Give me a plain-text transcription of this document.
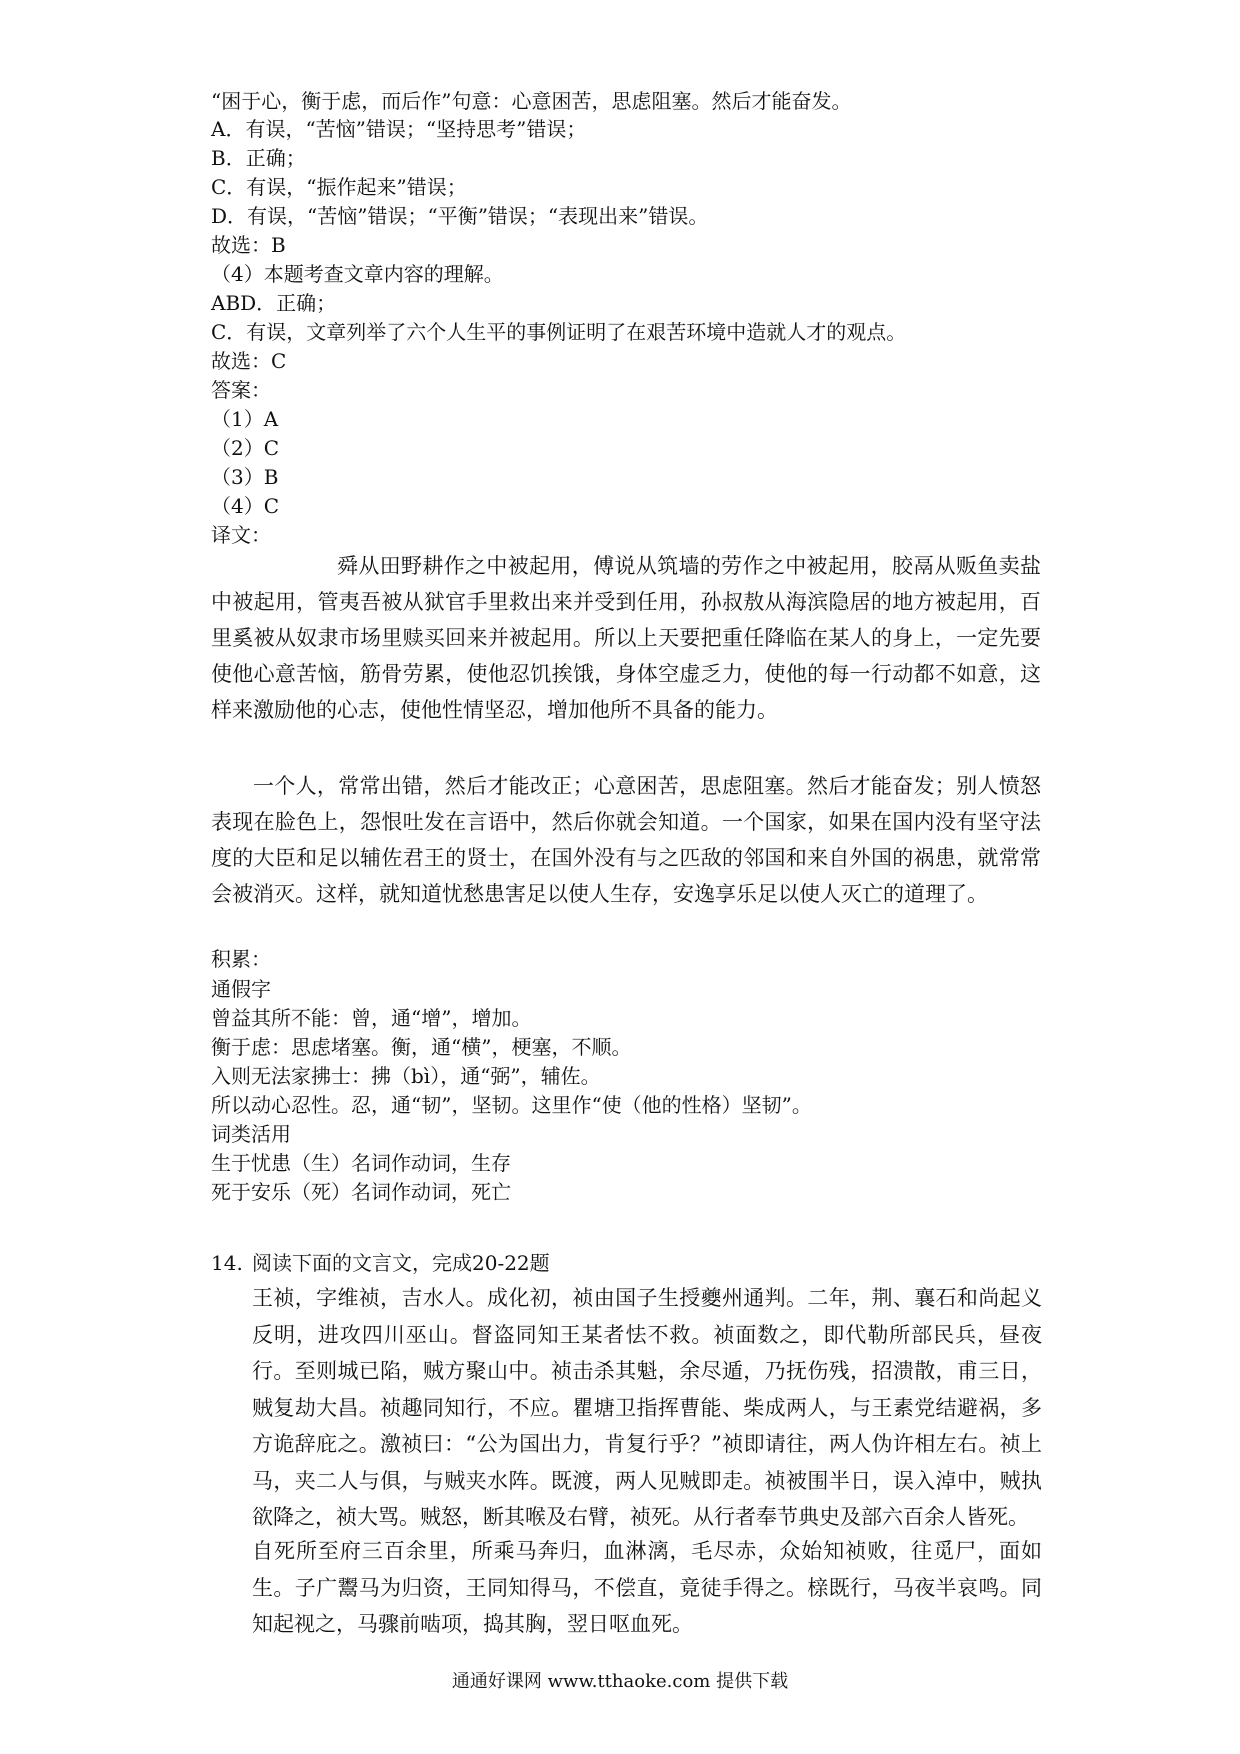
“困于心，衡于虑，而后作”句意：心意困苦，思虑阻塞。然后才能奋发。
A．有误，“苦恼”错误；“坚持思考”错误；
B．正确；
C．有误，“振作起来”错误；
D．有误，“苦恼”错误；“平衡”错误；“表现出来”错误。
故选：B
（4）本题考查文章内容的理解。
ABD．正确；
C．有误，文章列举了六个人生平的事例证明了在艰苦环境中造就人才的观点。
故选：C
答案：
（1）A
（2）C
（3）B
（4）C
译文：
舜从田野耕作之中被起用，傅说从筑墙的劳作之中被起用，胶鬲从贩鱼卖盐中被起用，管夷吾被从狱官手里救出来并受到任用，孙叔敖从海滨隐居的地方被起用，百里奚被从奴隶市场里赎买回来并被起用。所以上天要把重任降临在某人的身上，一定先要使他心意苦恼，筋骨劳累，使他忍饥挨饿，身体空虚乏力，使他的每一行动都不如意，这样来激励他的心志，使他性情坚忍，增加他所不具备的能力。
一个人，常常出错，然后才能改正；心意困苦，思虑阻塞。然后才能奋发；别人愤怒表现在脸色上，怨恨吐发在言语中，然后你就会知道。一个国家，如果在国内没有坚守法度的大臣和足以辅佐君王的贤士，在国外没有与之匹敌的邻国和来自外国的祸患，就常常会被消灭。这样，就知道忧愁患害足以使人生存，安逸享乐足以使人灭亡的道理了。
积累：
通假字
曾益其所不能：曾，通“增”，增加。
衡于虑：思虑堵塞。衡，通“横”，梗塞，不顺。
入则无法家拂士：拂（bì），通“弼”，辅佐。
所以动心忍性。忍，通“韧”，坚韧。这里作“使（他的性格）坚韧”。
词类活用
生于忧患（生）名词作动词，生存
死于安乐（死）名词作动词，死亡
14. 阅读下面的文言文，完成20-22题
王祯，字维祯，吉水人。成化初，祯由国子生授夔州通判。二年，荆、襄石和尚起义反明，进攻四川巫山。督盗同知王某者怯不救。祯面数之，即代勒所部民兵，昼夜行。至则城已陷，贼方聚山中。祯击杀其魁，余尽遁，乃抚伤残，招溃散，甫三日，贼复劫大昌。祯趣同知行，不应。瞿塘卫指挥曹能、柴成两人，与王素党结避祸，多方诡辞庇之。激祯曰：“公为国出力，肯复行乎？”祯即请往，两人伪许相左右。祯上马，夹二人与俱，与贼夹水阵。既渡，两人见贼即走。祯被围半日，误入淖中，贼执欲降之，祯大骂。贼怒，断其喉及右臂，祯死。从行者奉节典史及部六百余人皆死。
自死所至府三百余里，所乘马奔归，血淋漓，毛尽赤，众始知祯败，往觅尸，面如生。子广鬻马为归资，王同知得马，不偿直，竟徒手得之。榇既行，马夜半哀鸣。同知起视之，马骤前啮项，捣其胸，翌日呕血死。
通通好课网 www.tthaoke.com 提供下载
